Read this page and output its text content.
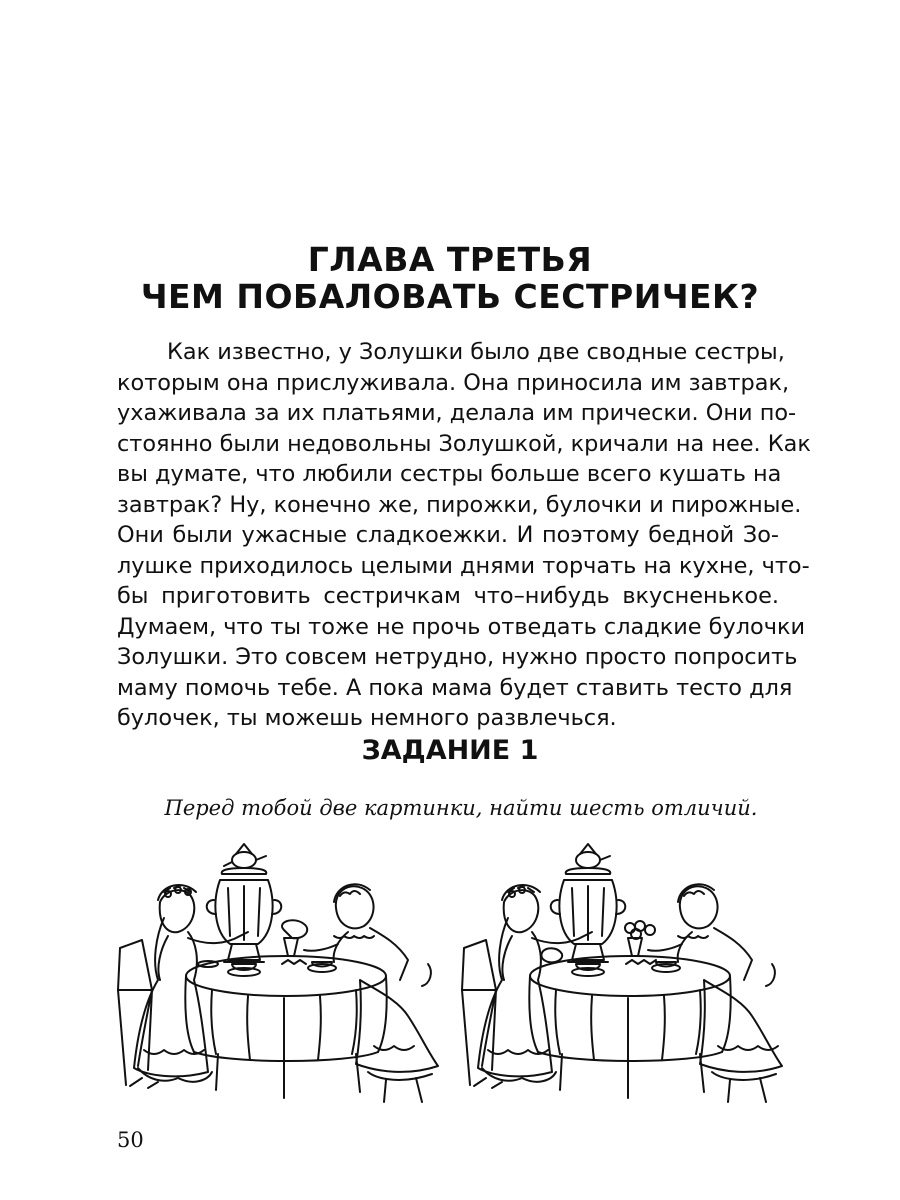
ГЛАВА ТРЕТЬЯ
ЧЕМ ПОБАЛОВАТЬ СЕСТРИЧЕК?
Как известно, у Золушки было две сводные сестры,
которым она прислуживала. Она приносила им завтрак,
ухаживала за их платьями, делала им прически. Они по-
стоянно были недовольны Золушкой, кричали на нее. Как
вы думате, что любили сестры больше всего кушать на
завтрак? Ну, конечно же, пирожки, булочки и пирожные.
Они были ужасные сладкоежки. И поэтому бедной Зо-
лушке приходилось целыми днями торчать на кухне, что-
бы приготовить сестричкам что–нибудь вкусненькое.
Думаем, что ты тоже не прочь отведать сладкие булочки
Золушки. Это совсем нетрудно, нужно просто попросить
маму помочь тебе. А пока мама будет ставить тесто для
булочек, ты можешь немного развлечься.
ЗАДАНИЕ 1

Перед тобой две картинки, найти шесть отличий.

50
